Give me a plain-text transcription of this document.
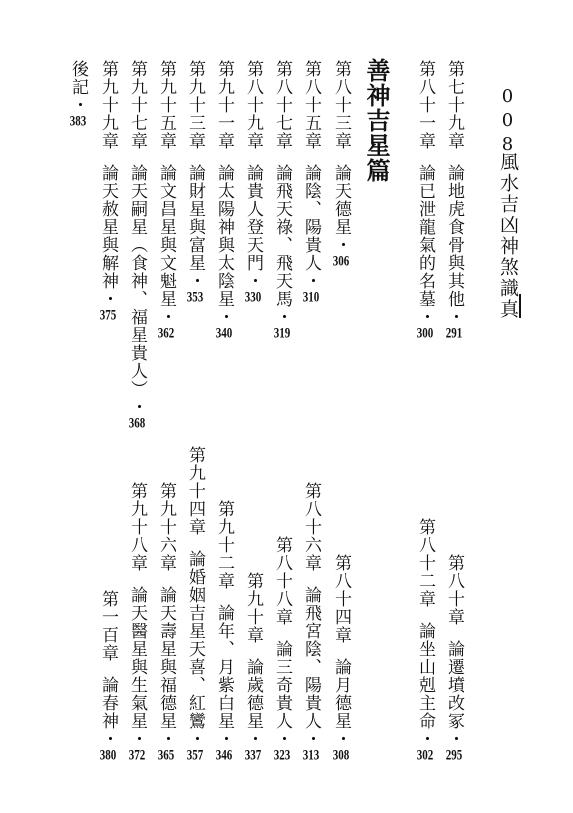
008
風水吉凶神煞識真
善神吉星篇	第七十九章論地虎食骨與其他・291
第八十一章論已泄龍氣的名墓・300
第八十三章論天德星・306
第八十五章論陰、陽貴人・310
第八十七章論飛天祿、飛天馬・319
第八十九章論貴人登天門・330
第九十一章論太陽神與太陰星・340
第九十三章論財星與富星・353
第九十五章論文昌星與文魁星・362
第九十七章論天嗣星（食神、福星貴人）・368
第九十九章論天赦星與解神・375
後記・383
第八十章論遷墳改冢・295
第八十二章論坐山剋主命・302
第八十四章論月德星・308
第八十六章論飛宮陰、陽貴人・313
第八十八章論三奇貴人・323
第九十章論歲德星・337
第九十二章論年、月紫白星・346
第九十四章論婚姻吉星天喜、紅鸞・357
第九十六章論天壽星與福德星・365
第九十八章論天醫星與生氣星・372
第一百章論春神・380
